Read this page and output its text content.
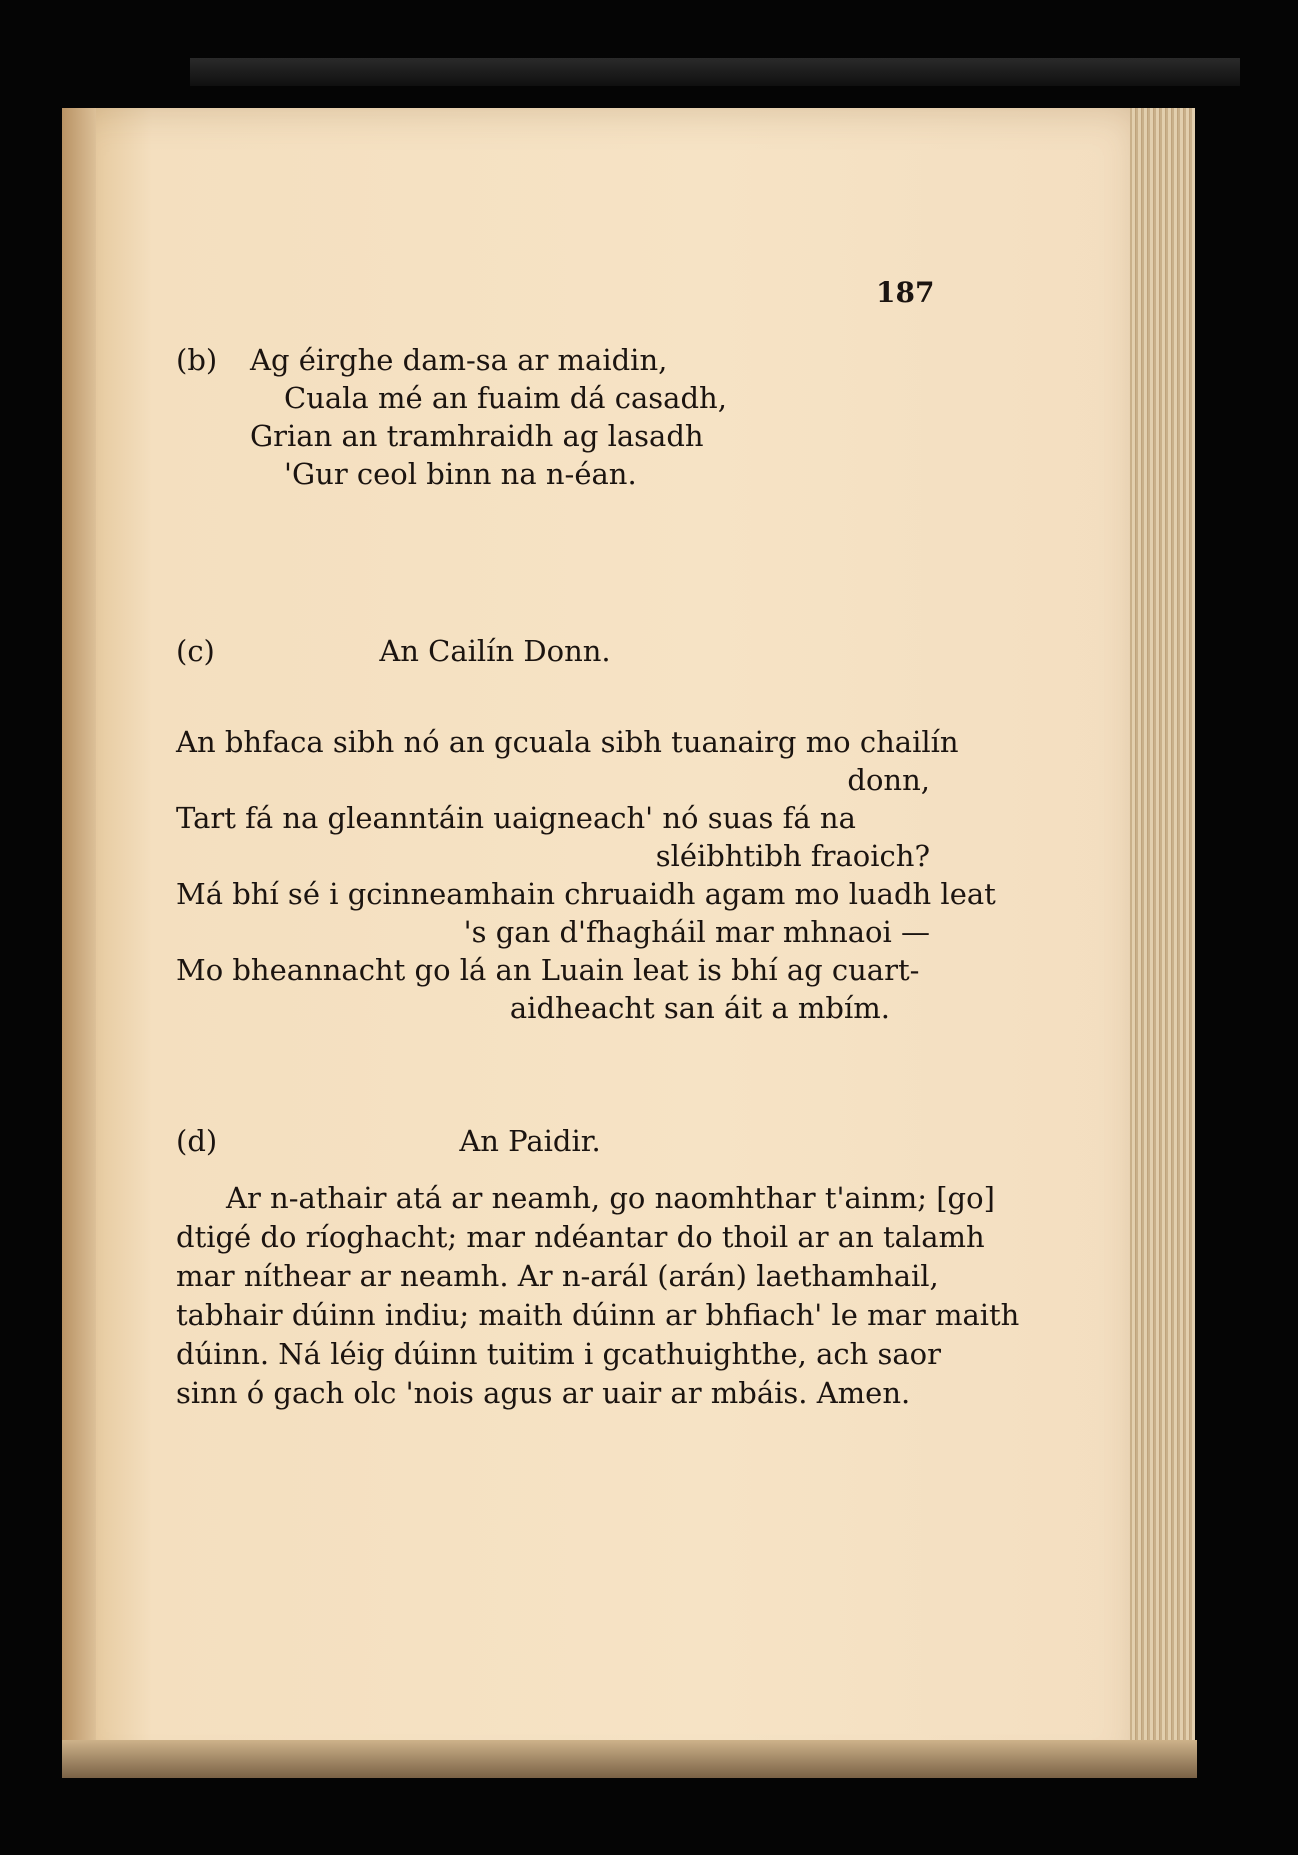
187
(b) Ag éirghe dam-sa ar maidin,
Cuala mé an fuaim dá casadh,
Grian an tramhraidh ag lasadh
'Gur ceol binn na n-éan.
(c)	An Cailín Donn.
An bhfaca sibh nó an gcuala sibh tuanairg mo chailín
donn,
Tart fá na gleanntáin uaigneach' nó suas fá na
sléibhtibh fraoich?
Má bhí sé i gcinneamhain chruaidh agam mo luadh leat
's gan d'fhagháil mar mhnaoi —
Mo bheannacht go lá an Luain leat is bhí ag cuart-
aidheacht san áit a mbím.
(d)	An Paidir.
Ar n-athair atá ar neamh, go naomhthar t'ainm; [go]
dtigé do ríoghacht; mar ndéantar do thoil ar an talamh
mar níthear ar neamh. Ar n-arál (arán) laethamhail,
tabhair dúinn indiu; maith dúinn ar bhfiach' le mar maith
dúinn. Ná léig dúinn tuitim i gcathuighthe, ach saor
sinn ó gach olc 'nois agus ar uair ar mbáis. Amen.
